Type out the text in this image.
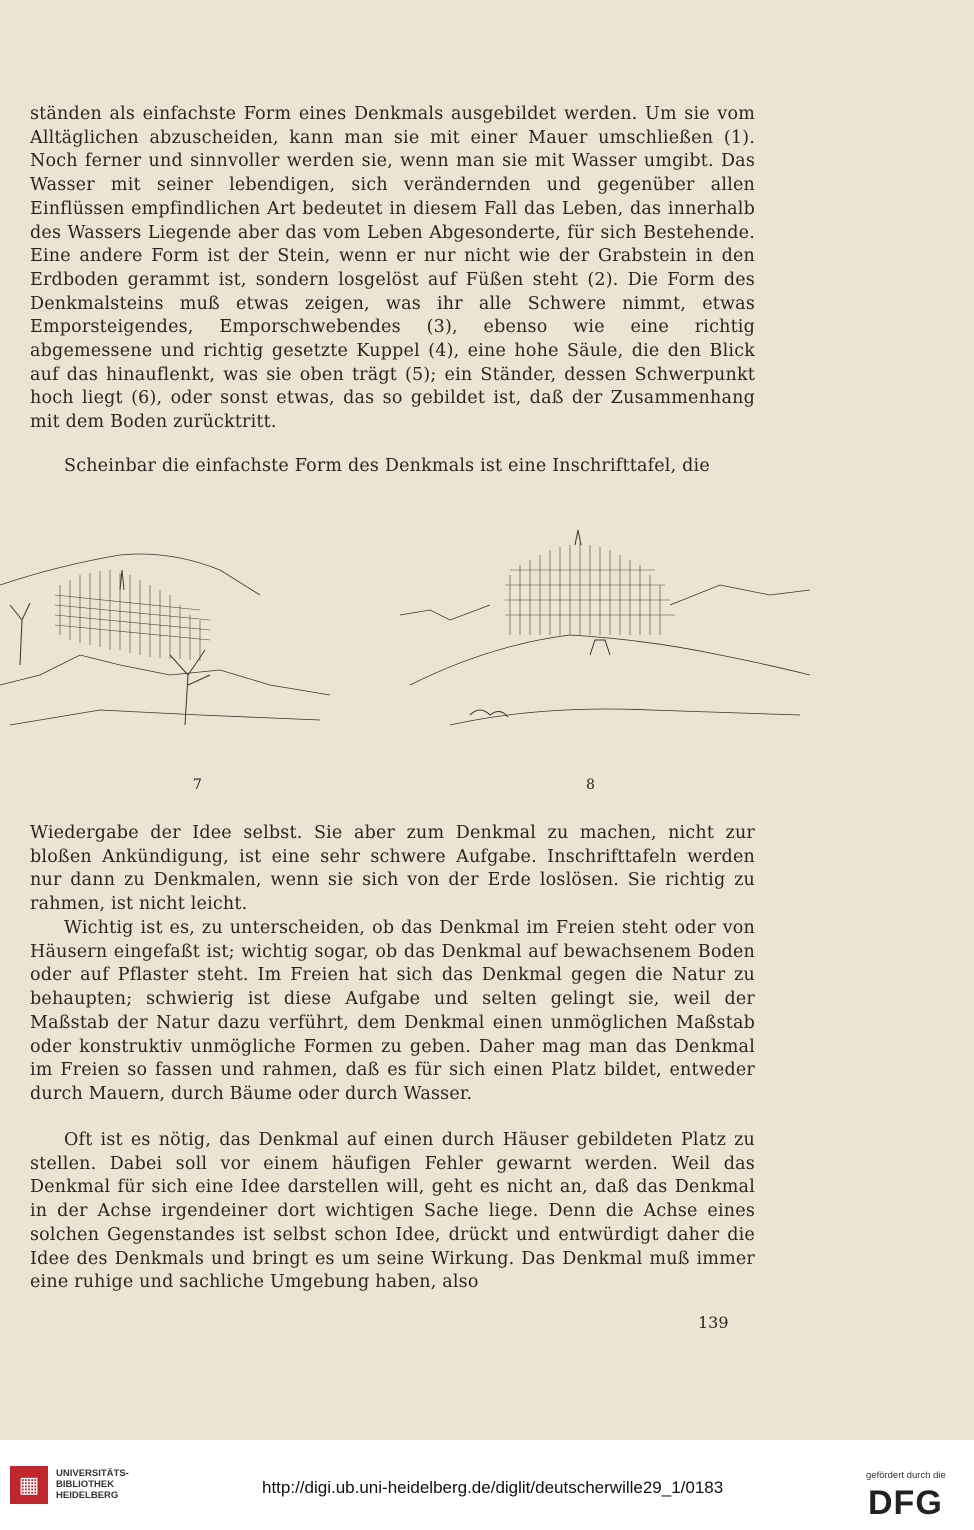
ständen als einfachste Form eines Denkmals ausgebildet werden. Um sie vom Alltäglichen abzuscheiden, kann man sie mit einer Mauer umschließen (1). Noch ferner und sinnvoller werden sie, wenn man sie mit Wasser umgibt. Das Wasser mit seiner lebendigen, sich verändernden und gegenüber allen Einflüssen empfindlichen Art bedeutet in diesem Fall das Leben, das innerhalb des Wassers Liegende aber das vom Leben Abgesonderte, für sich Bestehende. Eine andere Form ist der Stein, wenn er nur nicht wie der Grabstein in den Erdboden gerammt ist, sondern losgelöst auf Füßen steht (2). Die Form des Denkmalsteins muß etwas zeigen, was ihr alle Schwere nimmt, etwas Emporsteigendes, Emporschwebendes (3), ebenso wie eine richtig abgemessene und richtig gesetzte Kuppel (4), eine hohe Säule, die den Blick auf das hinauflenkt, was sie oben trägt (5); ein Ständer, dessen Schwerpunkt hoch liegt (6), oder sonst etwas, das so gebildet ist, daß der Zusammenhang mit dem Boden zurücktritt.

Scheinbar die einfachste Form des Denkmals ist eine Inschrifttafel, die

7	8

Wiedergabe der Idee selbst. Sie aber zum Denkmal zu machen, nicht zur bloßen Ankündigung, ist eine sehr schwere Aufgabe. Inschrifttafeln werden nur dann zu Denkmalen, wenn sie sich von der Erde loslösen. Sie richtig zu rahmen, ist nicht leicht.

Wichtig ist es, zu unterscheiden, ob das Denkmal im Freien steht oder von Häusern eingefaßt ist; wichtig sogar, ob das Denkmal auf bewachsenem Boden oder auf Pflaster steht. Im Freien hat sich das Denkmal gegen die Natur zu behaupten; schwierig ist diese Aufgabe und selten gelingt sie, weil der Maßstab der Natur dazu verführt, dem Denkmal einen unmöglichen Maßstab oder konstruktiv unmögliche Formen zu geben. Daher mag man das Denkmal im Freien so fassen und rahmen, daß es für sich einen Platz bildet, entweder durch Mauern, durch Bäume oder durch Wasser.

Oft ist es nötig, das Denkmal auf einen durch Häuser gebildeten Platz zu stellen. Dabei soll vor einem häufigen Fehler gewarnt werden. Weil das Denkmal für sich eine Idee darstellen will, geht es nicht an, daß das Denkmal in der Achse irgendeiner dort wichtigen Sache liege. Denn die Achse eines solchen Gegenstandes ist selbst schon Idee, drückt und entwürdigt daher die Idee des Denkmals und bringt es um seine Wirkung. Das Denkmal muß immer eine ruhige und sachliche Umgebung haben, also

139
▦	UNIVERSITÄTS-
BIBLIOTHEK
HEIDELBERG	http://digi.ub.uni-heidelberg.de/diglit/deutscherwille29_1/0183
gefördert durch die
DFG
